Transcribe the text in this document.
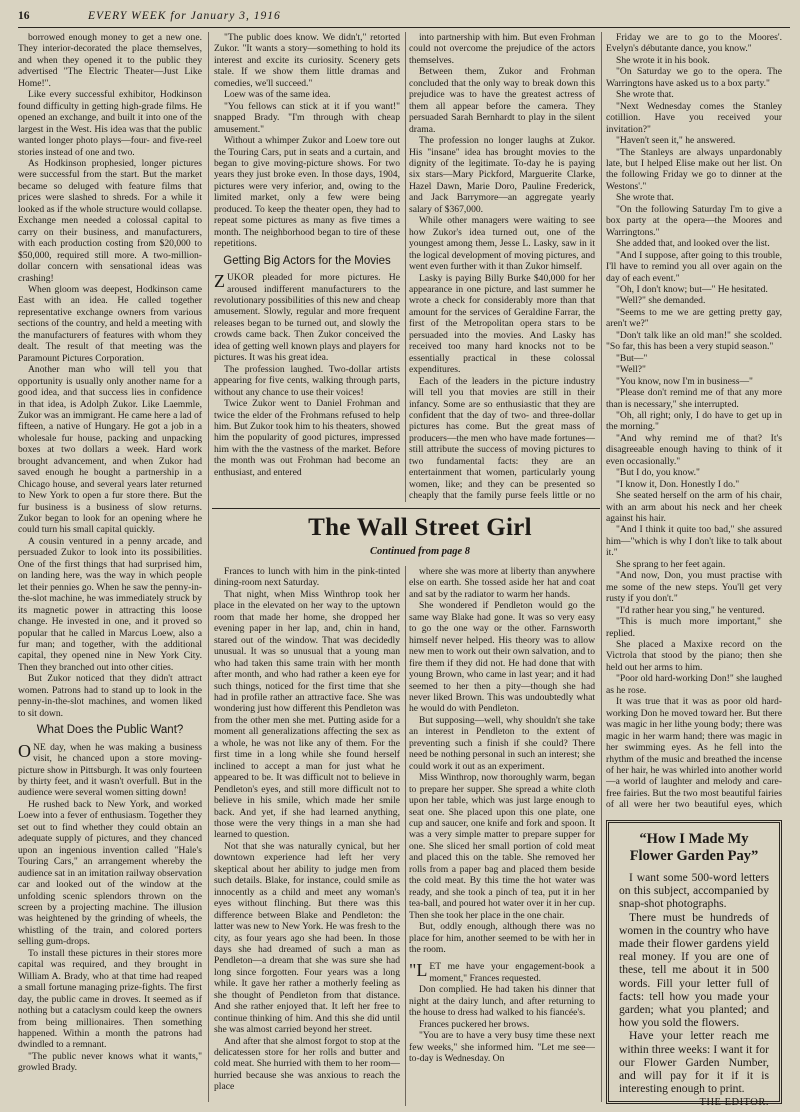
16	EVERY WEEK for January 3, 1916

borrowed enough money to get a new one. They interior-decorated the place themselves, and when they opened it to the public they advertised "The Electric Theater—Just Like Home!".

Like every successful exhibitor, Hodkinson found difficulty in getting high-grade films. He opened an exchange, and built it into one of the largest in the West. His idea was that the public wanted longer photo plays—four- and five-reel stories instead of one and two.

As Hodkinson prophesied, longer pictures were successful from the start. But the market became so deluged with feature films that prices were slashed to shreds. For a while it looked as if the whole structure would collapse. Exchange men needed a colossal capital to carry on their business, and manufacturers, with each production costing from $20,000 to $50,000, required still more. A two-million-dollar concern with sensational ideas was crashing!

When gloom was deepest, Hodkinson came East with an idea. He called together representative exchange owners from various sections of the country, and held a meeting with the manufacturers of features with whom they dealt. The result of that meeting was the Paramount Pictures Corporation.

Another man who will tell you that opportunity is usually only another name for a good idea, and that success lies in confidence in that idea, is Adolph Zukor. Like Laemmle, Zukor was an immigrant. He came here a lad of fifteen, a native of Hungary. He got a job in a wholesale fur house, packing and unpacking boxes at two dollars a week. Hard work brought advancement, and when Zukor had saved enough he bought a partnership in a Chicago house, and several years later returned to New York to open a fur store there. But the fur business is a business of slow returns. Zukor began to look for an opening where he could turn his small capital quickly.

A cousin ventured in a penny arcade, and persuaded Zukor to look into its possibilities. One of the first things that had surprised him, on landing here, was the way in which people let their pennies go. When he saw the penny-in-the-slot machine, he was immediately struck by its magnetic power in attracting this loose change. He invested in one, and it proved so popular that he called in Marcus Loew, also a fur man; and together, with the additional capital, they opened nine in New York City. Then they branched out into other cities.

But Zukor noticed that they didn't attract women. Patrons had to stand up to look in the penny-in-the-slot machines, and women liked to sit down.

What Does the Public Want?

ONE day, when he was making a business visit, he chanced upon a store moving-picture show in Pittsburgh. It was only fourteen by thirty feet, and it wasn't overfull. But in the audience were several women sitting down!

He rushed back to New York, and worked Loew into a fever of enthusiasm. Together they set out to find whether they could obtain an adequate supply of pictures, and they chanced upon an ingenious invention called "Hale's Touring Cars," an arrangement whereby the audience sat in an imitation railway observation car and looked out of the window at the unfolding scenic splendors thrown on the screen by a projecting machine. The illusion was heightened by the grinding of wheels, the whistling of the train, and colored porters selling gum-drops.

To install these pictures in their stores more capital was required, and they brought in William A. Brady, who at that time had reaped a small fortune managing prize-fights. The first day, the public came in droves. It seemed as if nothing but a cataclysm could keep the owners from being millionaires. Then something happened. Within a month the patrons had dwindled to a remnant.

"The public never knows what it wants," growled Brady.

"The public does know. We didn't," retorted Zukor. "It wants a story—something to hold its interest and excite its curiosity. Scenery gets stale. If we show them little dramas and comedies, we'll succeed."

Loew was of the same idea.

"You fellows can stick at it if you want!" snapped Brady. "I'm through with cheap amusement."

Without a whimper Zukor and Loew tore out the Touring Cars, put in seats and a curtain, and began to give moving-picture shows. For two years they just broke even. In those days, 1904, pictures were very inferior, and, owing to the limited market, only a few were being produced. To keep the theater open, they had to repeat some pictures as many as five times a month. The neighborhood began to tire of these repetitions.

Getting Big Actors for the Movies

ZUKOR pleaded for more pictures. He aroused indifferent manufacturers to the revolutionary possibilities of this new and cheap amusement. Slowly, regular and more frequent releases began to be turned out, and slowly the crowds came back. Then Zukor conceived the idea of getting well known plays and players for pictures. It was his great idea.

The profession laughed. Two-dollar artists appearing for five cents, walking through parts, without any chance to use their voices!

Twice Zukor went to Daniel Frohman and twice the elder of the Frohmans refused to help him. But Zukor took him to his theaters, showed him the popularity of good pictures, impressed him with the the vastness of the market. Before the month was out Frohman had become an enthusiast, and entered

into partnership with him. But even Frohman could not overcome the prejudice of the actors themselves.

Between them, Zukor and Frohman concluded that the only way to break down this prejudice was to have the greatest actress of them all appear before the camera. They persuaded Sarah Bernhardt to play in the silent drama.

The profession no longer laughs at Zukor. His "insane" idea has brought movies to the dignity of the legitimate. To-day he is paying six stars—Mary Pickford, Marguerite Clarke, Hazel Dawn, Marie Doro, Pauline Frederick, and Jack Barrymore—an aggregate yearly salary of $367,000.

While other managers were waiting to see how Zukor's idea turned out, one of the youngest among them, Jesse L. Lasky, saw in it the logical development of moving pictures, and went even further with it than Zukor himself.

Lasky is paying Billy Burke $40,000 for her appearance in one picture, and last summer he wrote a check for considerably more than that amount for the services of Geraldine Farrar, the first of the Metropolitan opera stars to be persuaded into the movies. And Lasky has received too many hard knocks not to be essentially practical in these colossal expenditures.

Each of the leaders in the picture industry will tell you that movies are still in their infancy. Some are so enthusiastic that they are confident that the day of two- and three-dollar pictures has come. But the great mass of producers—the men who have made fortunes—still attribute the success of moving pictures to two fundamental facts: they are an entertainment that women, particularly young women, like; and they can be presented so cheaply that the family purse feels little or no

Friday we are to go to the Moores'. Evelyn's débutante dance, you know."

She wrote it in his book.

"On Saturday we go to the opera. The Warringtons have asked us to a box party."

She wrote that.

"Next Wednesday comes the Stanley cotillion. Have you received your invitation?"

"Haven't seen it," he answered.

"The Stanleys are always unpardonably late, but I helped Elise make out her list. On the following Friday we go to dinner at the Westons'."

She wrote that.

"On the following Saturday I'm to give a box party at the opera—the Moores and Warringtons."

She added that, and looked over the list.

"And I suppose, after going to this trouble, I'll have to remind you all over again on the day of each event."

"Oh, I don't know; but—" He hesitated.

"Well?" she demanded.

"Seems to me we are getting pretty gay, aren't we?"

"Don't talk like an old man!" she scolded. "So far, this has been a very stupid season."

"But—"

"Well?"

"You know, now I'm in business—"

"Please don't remind me of that any more than is necessary," she interrupted.

"Oh, all right; only, I do have to get up in the morning."

"And why remind me of that? It's disagreeable enough having to think of it even occasionally."

"But I do, you know."

"I know it, Don. Honestly I do."

She seated herself on the arm of his chair, with an arm about his neck and her cheek against his hair.

"And I think it quite too bad," she assured him—"which is why I don't like to talk about it."

She sprang to her feet again.

"And now, Don, you must practise with me some of the new steps. You'll get very rusty if you don't."

"I'd rather hear you sing," he ventured.

"This is much more important," she replied.

She placed a Maxixe record on the Victrola that stood by the piano; then she held out her arms to him.

"Poor old hard-working Don!" she laughed as he rose.

It was true that it was as poor old hard-working Don he moved toward her. But there was magic in her lithe young body; there was magic in her warm hand; there was magic in her swimming eyes. As he fell into the rhythm of the music and breathed the incense of her hair, he was whirled into another world—a world of laughter and melody and care-free fairies. But the two most beautiful fairies of all were her two beautiful eyes, which

The Wall Street Girl
Continued from page 8

Frances to lunch with him in the pink-tinted dining-room next Saturday.

That night, when Miss Winthrop took her place in the elevated on her way to the uptown room that made her home, she dropped her evening paper in her lap, and, chin in hand, stared out of the window. That was decidedly unusual. It was so unusual that a young man who had taken this same train with her month after month, and who had rather a keen eye for such things, noticed for the first time that she had in profile rather an attractive face. She was wondering just how different this Pendleton was from the other men she met. Putting aside for a moment all generalizations affecting the sex as a whole, he was not like any of them. For the first time in a long while she found herself inclined to accept a man for just what he appeared to be. It was difficult not to believe in Pendleton's eyes, and still more difficult not to believe in his smile, which made her smile back. And yet, if she had learned anything, those were the very things in a man she had learned to question.

Not that she was naturally cynical, but her downtown experience had left her very skeptical about her ability to judge men from such details. Blake, for instance, could smile as innocently as a child and meet any woman's eyes without flinching. But there was this difference between Blake and Pendleton: the latter was new to New York. He was fresh to the city, as four years ago she had been. In those days she had dreamed of such a man as Pendleton—a dream that she was sure she had long since forgotten. Four years was a long while. It gave her rather a motherly feeling as she thought of Pendleton from that distance. And she rather enjoyed that. It left her free to continue thinking of him. And this she did until she was almost carried beyond her street.

And after that she almost forgot to stop at the delicatessen store for her rolls and butter and cold meat. She hurried with them to her room—hurried because she was anxious to reach the place

where she was more at liberty than anywhere else on earth. She tossed aside her hat and coat and sat by the radiator to warm her hands.

She wondered if Pendleton would go the same way Blake had gone. It was so very easy to go the one way or the other. Farnsworth himself never helped. His theory was to allow new men to work out their own salvation, and to fire them if they did not. He had done that with young Brown, who came in last year; and it had seemed to her then a pity—though she had never liked Brown. This was undoubtedly what he would do with Pendleton.

But supposing—well, why shouldn't she take an interest in Pendleton to the extent of preventing such a finish if she could? There need be nothing personal in such an interest; she could work it out as an experiment.

Miss Winthrop, now thoroughly warm, began to prepare her supper. She spread a white cloth upon her table, which was just large enough to seat one. She placed upon this one plate, one cup and saucer, one knife and fork and spoon. It was a very simple matter to prepare supper for one. She sliced her small portion of cold meat and placed this on the table. She removed her rolls from a paper bag and placed them beside the cold meat. By this time the hot water was ready, and she took a pinch of tea, put it in her tea-ball, and poured hot water over it in her cup. Then she took her place in the one chair.

But, oddly enough, although there was no place for him, another seemed to be with her in the room.

"LET me have your engagement-book a moment," Frances requested.

Don complied. He had taken his dinner that night at the dairy lunch, and after returning to the house to dress had walked to his fiancée's.

Frances puckered her brows.

"You are to have a very busy time these next few weeks," she informed him. "Let me see—to-day is Wednesday. On

“How I Made My Flower Garden Pay”

I want some 500-word letters on this subject, accompanied by snap-shot photographs.

There must be hundreds of women in the country who have made their flower gardens yield real money. If you are one of these, tell me about it in 500 words. Fill your letter full of facts: tell how you made your garden; what you planted; and how you sold the flowers.

Have your letter reach me within three weeks: I want it for our Flower Garden Number, and will pay for it if it is interesting enough to print.

THE EDITOR.
